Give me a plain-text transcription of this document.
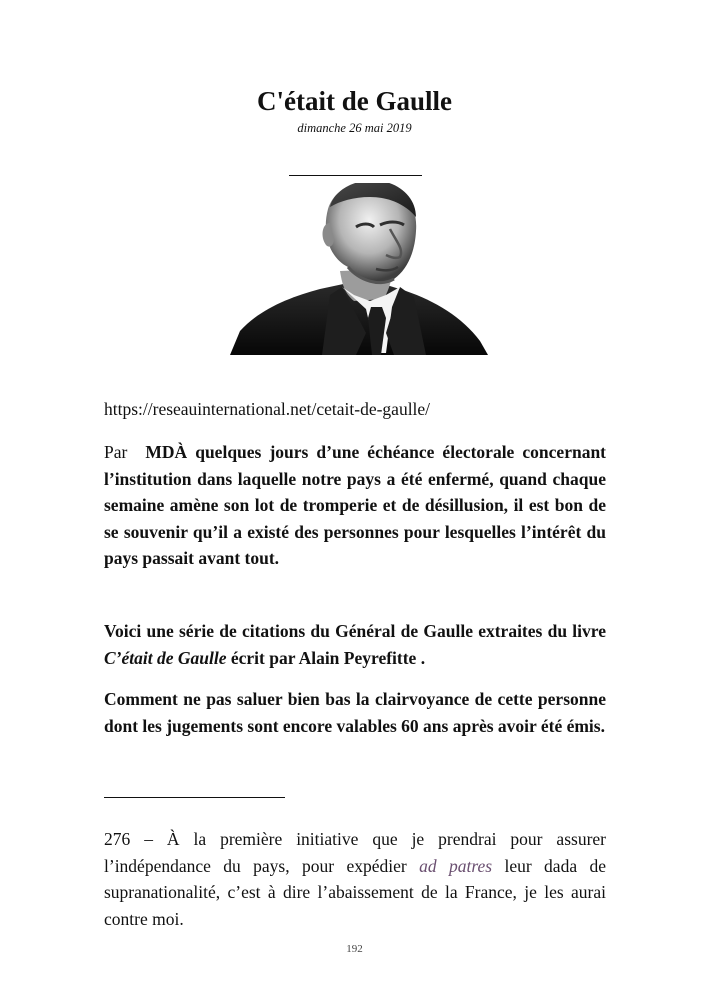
C'était de Gaulle
dimanche 26 mai 2019
https://reseauinternational.net/cetait-de-gaulle/
Par MDÀ quelques jours d’une échéance électorale concernant l’institution dans laquelle notre pays a été enfermé, quand chaque semaine amène son lot de tromperie et de désillusion, il est bon de se souvenir qu’il a existé des personnes pour lesquelles l’intérêt du pays passait avant tout.
Voici une série de citations du Général de Gaulle extraites du livre C’était de Gaulle écrit par Alain Peyrefitte .
Comment ne pas saluer bien bas la clairvoyance de cette personne dont les jugements sont encore valables 60 ans après avoir été émis.
276 – À la première initiative que je prendrai pour assurer l’indépendance du pays, pour expédier ad patres leur dada de supranationalité, c’est à dire l’abaissement de la France, je les aurai contre moi.
192
